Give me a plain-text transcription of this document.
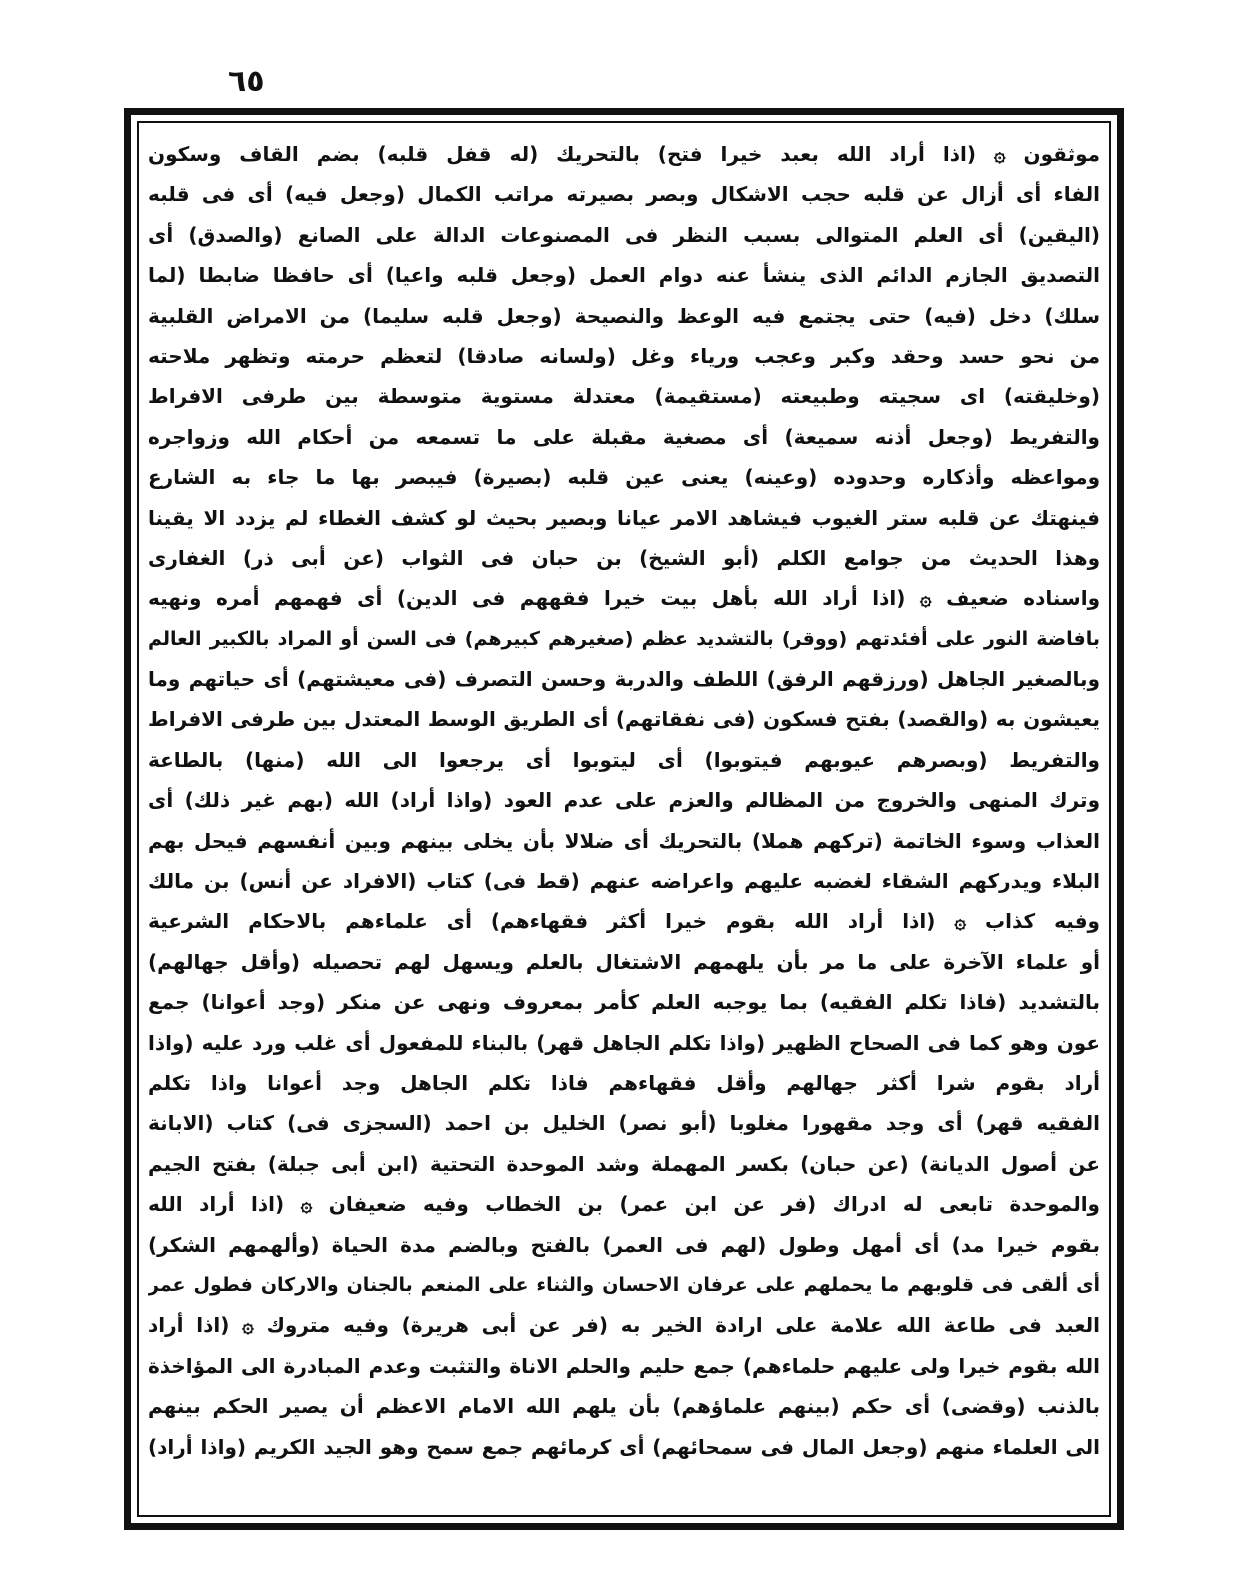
٦٥
موثقون ۞ (اذا أراد الله بعبد خيرا فتح) بالتحريك (له قفل قلبه) بضم القاف وسكون
الفاء أى أزال عن قلبه حجب الاشكال وبصر بصيرته مراتب الكمال (وجعل فيه) أى فى قلبه
(اليقين) أى العلم المتوالى بسبب النظر فى المصنوعات الدالة على الصانع (والصدق) أى
التصديق الجازم الدائم الذى ينشأ عنه دوام العمل (وجعل قلبه واعيا) أى حافظا ضابطا (لما
سلك) دخل (فيه) حتى يجتمع فيه الوعظ والنصيحة (وجعل قلبه سليما) من الامراض القلبية
من نحو حسد وحقد وكبر وعجب ورياء وغل (ولسانه صادقا) لتعظم حرمته وتظهر ملاحته
(وخليقته) اى سجيته وطبيعته (مستقيمة) معتدلة مستوية متوسطة بين طرفى الافراط
والتفريط (وجعل أذنه سميعة) أى مصغية مقبلة على ما تسمعه من أحكام الله وزواجره
ومواعظه وأذكاره وحدوده (وعينه) يعنى عين قلبه (بصيرة) فيبصر بها ما جاء به الشارع
فينهتك عن قلبه ستر الغيوب فيشاهد الامر عيانا وبصير بحيث لو كشف الغطاء لم يزدد الا يقينا
وهذا الحديث من جوامع الكلم (أبو الشيخ) بن حبان فى الثواب (عن أبى ذر) الغفارى
واسناده ضعيف ۞ (اذا أراد الله بأهل بيت خيرا فقههم فى الدين) أى فهمهم أمره ونهيه
بافاضة النور على أفئدتهم (ووقر) بالتشديد عظم (صغيرهم كبيرهم) فى السن أو المراد بالكبير العالم
وبالصغير الجاهل (ورزقهم الرفق) اللطف والدربة وحسن التصرف (فى معيشتهم) أى حياتهم وما
يعيشون به (والقصد) بفتح فسكون (فى نفقاتهم) أى الطريق الوسط المعتدل بين طرفى الافراط
والتفريط (وبصرهم عيوبهم فيتوبوا) أى ليتوبوا أى يرجعوا الى الله (منها) بالطاعة
وترك المنهى والخروج من المظالم والعزم على عدم العود (واذا أراد) الله (بهم غير ذلك) أى
العذاب وسوء الخاتمة (تركهم هملا) بالتحريك أى ضلالا بأن يخلى بينهم وبين أنفسهم فيحل بهم
البلاء ويدركهم الشقاء لغضبه عليهم واعراضه عنهم (قط فى) كتاب (الافراد عن أنس) بن مالك
وفيه كذاب ۞ (اذا أراد الله بقوم خيرا أكثر فقهاءهم) أى علماءهم بالاحكام الشرعية
أو علماء الآخرة على ما مر بأن يلهمهم الاشتغال بالعلم ويسهل لهم تحصيله (وأقل جهالهم)
بالتشديد (فاذا تكلم الفقيه) بما يوجبه العلم كأمر بمعروف ونهى عن منكر (وجد أعوانا) جمع
عون وهو كما فى الصحاح الظهير (واذا تكلم الجاهل قهر) بالبناء للمفعول أى غلب ورد عليه (واذا
أراد بقوم شرا أكثر جهالهم وأقل فقهاءهم فاذا تكلم الجاهل وجد أعوانا واذا تكلم
الفقيه قهر) أى وجد مقهورا مغلوبا (أبو نصر) الخليل بن احمد (السجزى فى) كتاب (الابانة
عن أصول الديانة) (عن حبان) بكسر المهملة وشد الموحدة التحتية (ابن أبى جبلة) بفتح الجيم
والموحدة تابعى له ادراك (فر عن ابن عمر) بن الخطاب وفيه ضعيفان ۞ (اذا أراد الله
بقوم خيرا مد) أى أمهل وطول (لهم فى العمر) بالفتح وبالضم مدة الحياة (وألهمهم الشكر)
أى ألقى فى قلوبهم ما يحملهم على عرفان الاحسان والثناء على المنعم بالجنان والاركان فطول عمر
العبد فى طاعة الله علامة على ارادة الخير به (فر عن أبى هريرة) وفيه متروك ۞ (اذا أراد
الله بقوم خيرا ولى عليهم حلماءهم) جمع حليم والحلم الاناة والتثبت وعدم المبادرة الى المؤاخذة
بالذنب (وقضى) أى حكم (بينهم علماؤهم) بأن يلهم الله الامام الاعظم أن يصير الحكم بينهم
الى العلماء منهم (وجعل المال فى سمحائهم) أى كرمائهم جمع سمح وهو الجيد الكريم (واذا أراد)
